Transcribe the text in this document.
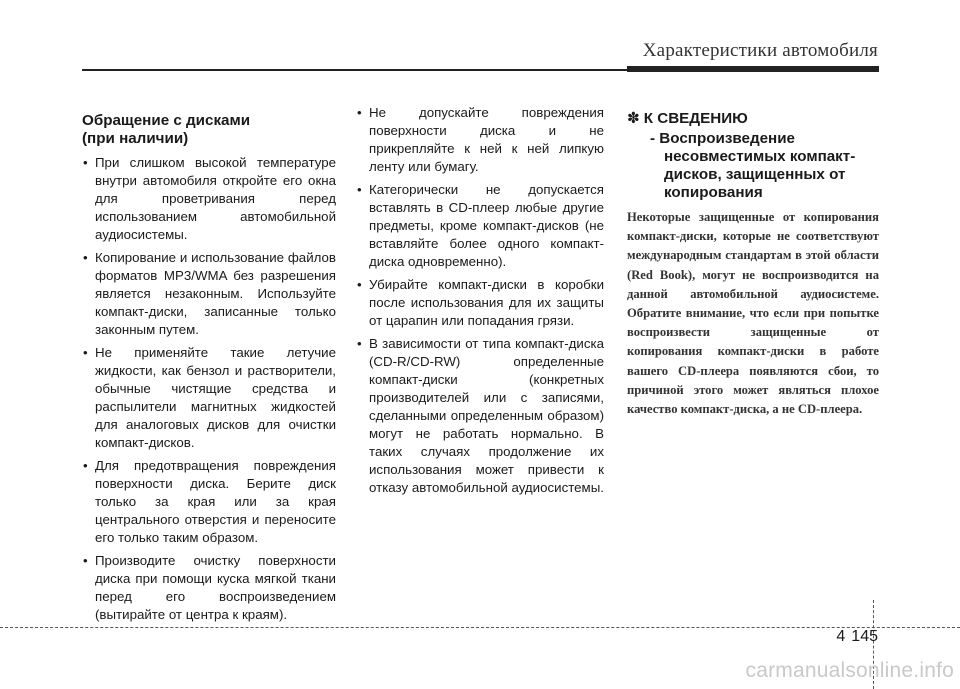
Характеристики автомобиля
Обращение с дисками
(при наличии)
• При слишком высокой температуре внутри автомобиля откройте его окна для проветривания перед использованием автомобильной аудиосистемы.
• Копирование и использование файлов форматов MP3/WMA без разрешения является незаконным. Используйте компакт-диски, записанные только законным путем.
• Не применяйте такие летучие жидкости, как бензол и растворители, обычные чистящие средства и распылители магнитных жидкостей для аналоговых дисков для очистки компакт-дисков.
• Для предотвращения повреждения поверхности диска. Берите диск только за края или за края центрального отверстия и переносите его только таким образом.
• Производите очистку поверхности диска при помощи куска мягкой ткани перед его воспроизведением (вытирайте от центра к краям).
• Не допускайте повреждения поверхности диска и не прикрепляйте к ней к ней липкую ленту или бумагу.
• Категорически не допускается вставлять в CD-плеер любые другие предметы, кроме компакт-дисков (не вставляйте более одного компакт-диска одновременно).
• Убирайте компакт-диски в коробки после использования для их защиты от царапин или попадания грязи.
• В зависимости от типа компакт-диска (CD-R/CD-RW) определенные компакт-диски (конкретных производителей или с записями, сделанными определенным образом) могут не работать нормально. В таких случаях продолжение их использования может привести к отказу автомобильной аудиосистемы.
✽ К СВЕДЕНИЮ
- Воспроизведение несовместимых компакт-дисков, защищенных от копирования
Некоторые защищенные от копирования компакт-диски, которые не соответствуют международным стандартам в этой области (Red Book), могут не воспроизводится на данной автомобильной аудиосистеме. Обратите внимание, что если при попытке воспроизвести защищенные от копирования компакт-диски в работе вашего CD-плеера появляются сбои, то причиной этого может являться плохое качество компакт-диска, а не CD-плеера.
4 145
carmanualsonline.info
